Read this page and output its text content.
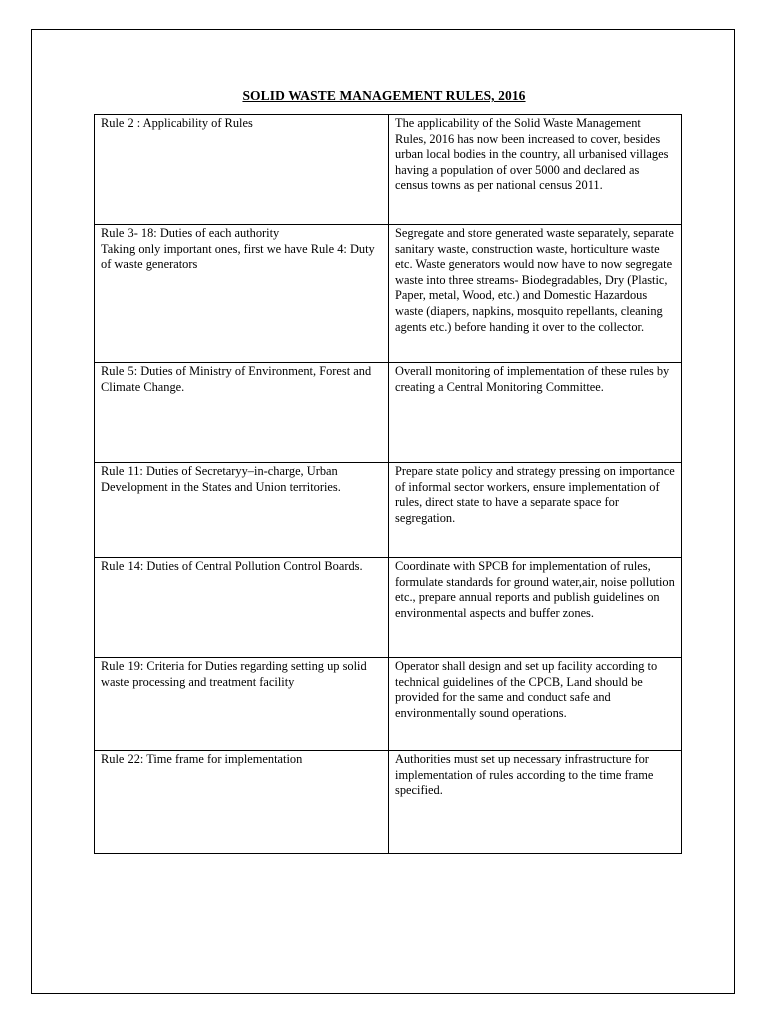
SOLID WASTE MANAGEMENT RULES, 2016
Rule 2 : Applicability of Rules	The applicability of the Solid Waste Management
Rules, 2016 has now been increased to cover, besides urban local bodies in the country, all urbanised villages having a population of over 5000 and declared as census towns as per national census 2011.

Rule 3- 18: Duties of each authority
Taking only important ones, first we have Rule 4: Duty of waste generators	Segregate and store generated waste separately, separate sanitary waste, construction waste, horticulture waste etc. Waste generators would now have to now segregate waste into three streams- Biodegradables, Dry (Plastic, Paper, metal, Wood, etc.) and Domestic Hazardous waste (diapers, napkins, mosquito repellants, cleaning agents etc.) before handing it over to the collector.

Rule 5: Duties of Ministry of Environment, Forest and Climate Change.	Overall monitoring of implementation of these rules by creating a Central Monitoring Committee.

Rule 11: Duties of Secretaryy–in-charge, Urban Development in the States and Union territories.	Prepare state policy and strategy pressing on importance of informal sector workers, ensure implementation of rules, direct state to have a separate space for segregation.

Rule 14: Duties of Central Pollution Control Boards.	Coordinate with SPCB for implementation of rules, formulate standards for ground water,air, noise pollution etc., prepare annual reports and publish guidelines on environmental aspects and buffer zones.

Rule 19: Criteria for Duties regarding setting up solid waste processing and treatment facility	Operator shall design and set up facility according to technical guidelines of the CPCB, Land should be provided for the same and conduct safe and environmentally sound operations.

Rule 22: Time frame for implementation	Authorities must set up necessary infrastructure for implementation of rules according to the time frame specified.
